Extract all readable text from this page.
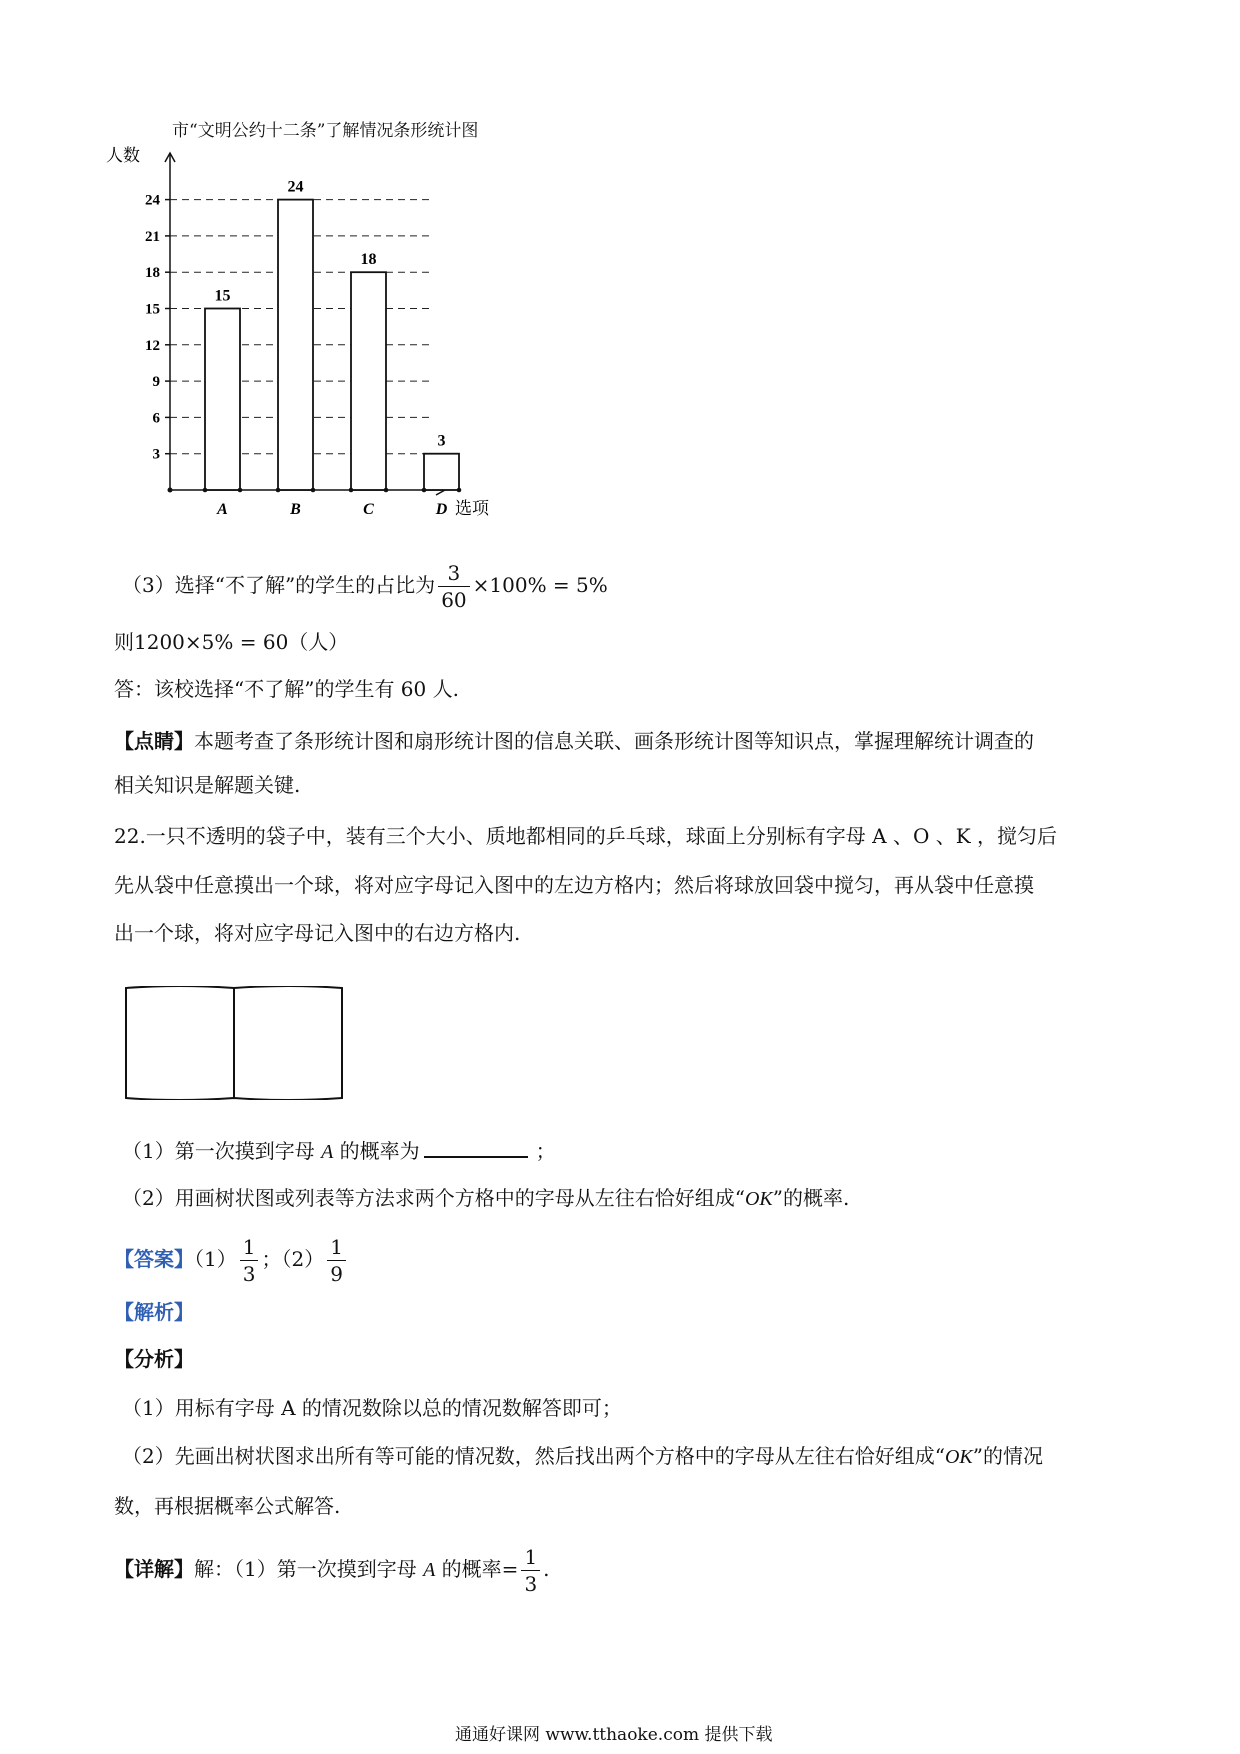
3
6
9
12
15
18
21
24
人数
选项
15
A
24
B
18
C
3
D
市“文明公约十二条”了解情况条形统计图
（3）选择“不了解”的学生的占比为 $\frac{3}{60} \times 100\% = 5\%$
则1200×5% = 60（人）
答：该校选择“不了解”的学生有 60 人.
【点睛】本题考查了条形统计图和扇形统计图的信息关联、画条形统计图等知识点，掌握理解统计调查的
相关知识是解题关键.
22.一只不透明的袋子中，装有三个大小、质地都相同的乒乓球，球面上分别标有字母 A 、O 、K ，搅匀后
先从袋中任意摸出一个球，将对应字母记入图中的左边方格内；然后将球放回袋中搅匀，再从袋中任意摸
出一个球，将对应字母记入图中的右边方格内.
（1）第一次摸到字母 A 的概率为	；
（2）用画树状图或列表等方法求两个方格中的字母从左往右恰好组成“OK”的概率.
【答案】$(1) \frac{1}{3}$ ；$(2) \frac{1}{9}$
【解析】
【分析】
（1）用标有字母 A 的情况数除以总的情况数解答即可；
（2）先画出树状图求出所有等可能的情况数，然后找出两个方格中的字母从左往右恰好组成“OK”的情况
数，再根据概率公式解答.
【详解】解：（1）第一次摸到字母 A 的概率= $\frac{1}{3}$ .
通通好课网 www.tthaoke.com 提供下载
